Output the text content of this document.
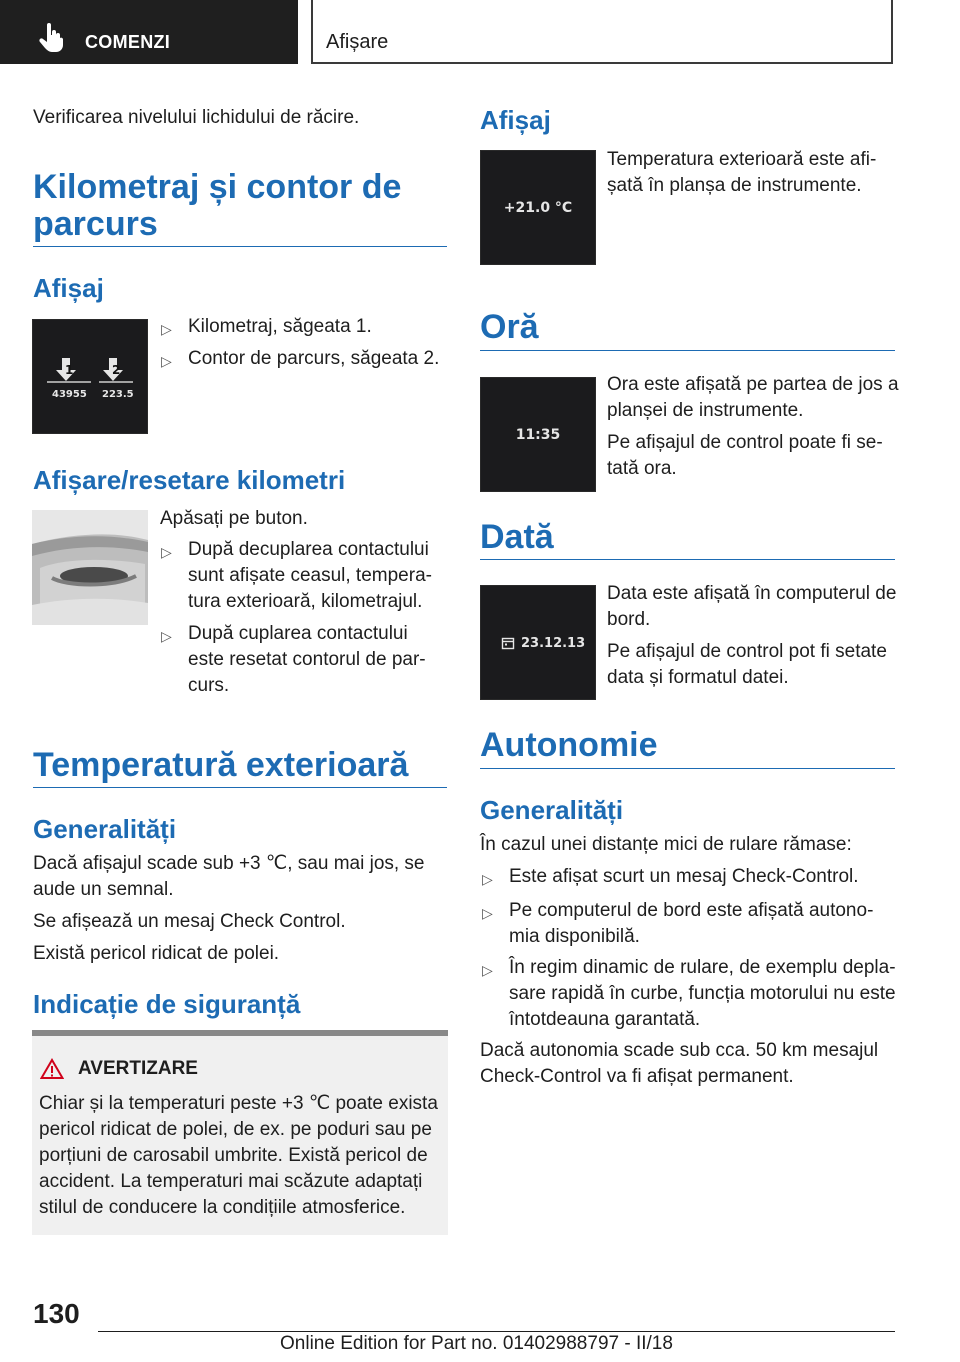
COMENZI	Afișare

Verificarea nivelului lichidului de răcire.

Kilometraj și contor de
parcurs
Afișaj
1	2
43955 223.5
▷ Kilometraj, săgeata 1.

▷ Contor de parcurs, săgeata 2.

Afișare/resetare kilometri

Apăsați pe buton.

▷ După decuplarea contactului

sunt afișate ceasul, tempera-

tura exterioară, kilometrajul.

▷ După cuplarea contactului

este resetat contorul de par-

curs.

Temperatură exterioară
Generalități

Dacă afișajul scade sub +3 ℃, sau mai jos, se

aude un semnal.

Se afișează un mesaj Check Control.

Există pericol ridicat de polei.

Indicație de siguranță
AVERTIZARE

Chiar și la temperaturi peste +3 ℃ poate exista

pericol ridicat de polei, de ex. pe poduri sau pe

porțiuni de carosabil umbrite. Există pericol de

accident. La temperaturi mai scăzute adaptați

stilul de conducere la condițiile atmosferice.

Afișaj
+21.0 °C

Temperatura exterioară este afi-

șată în planșa de instrumente.

Oră
11:35

Ora este afișată pe partea de jos a

planșei de instrumente.

Pe afișajul de control poate fi se-

tată ora.

Dată
23.12.13

Data este afișată în computerul de

bord.

Pe afișajul de control pot fi setate

data și formatul datei.

Autonomie
Generalități

În cazul unei distanțe mici de rulare rămase:

▷ Este afișat scurt un mesaj Check-Control.

▷ Pe computerul de bord este afișată autono-

mia disponibilă.

▷ În regim dinamic de rulare, de exemplu depla-

sare rapidă în curbe, funcția motorului nu este

întotdeauna garantată.

Dacă autonomia scade sub cca. 50 km mesajul

Check-Control va fi afișat permanent.

130
Online Edition for Part no. 01402988797 - II/18
